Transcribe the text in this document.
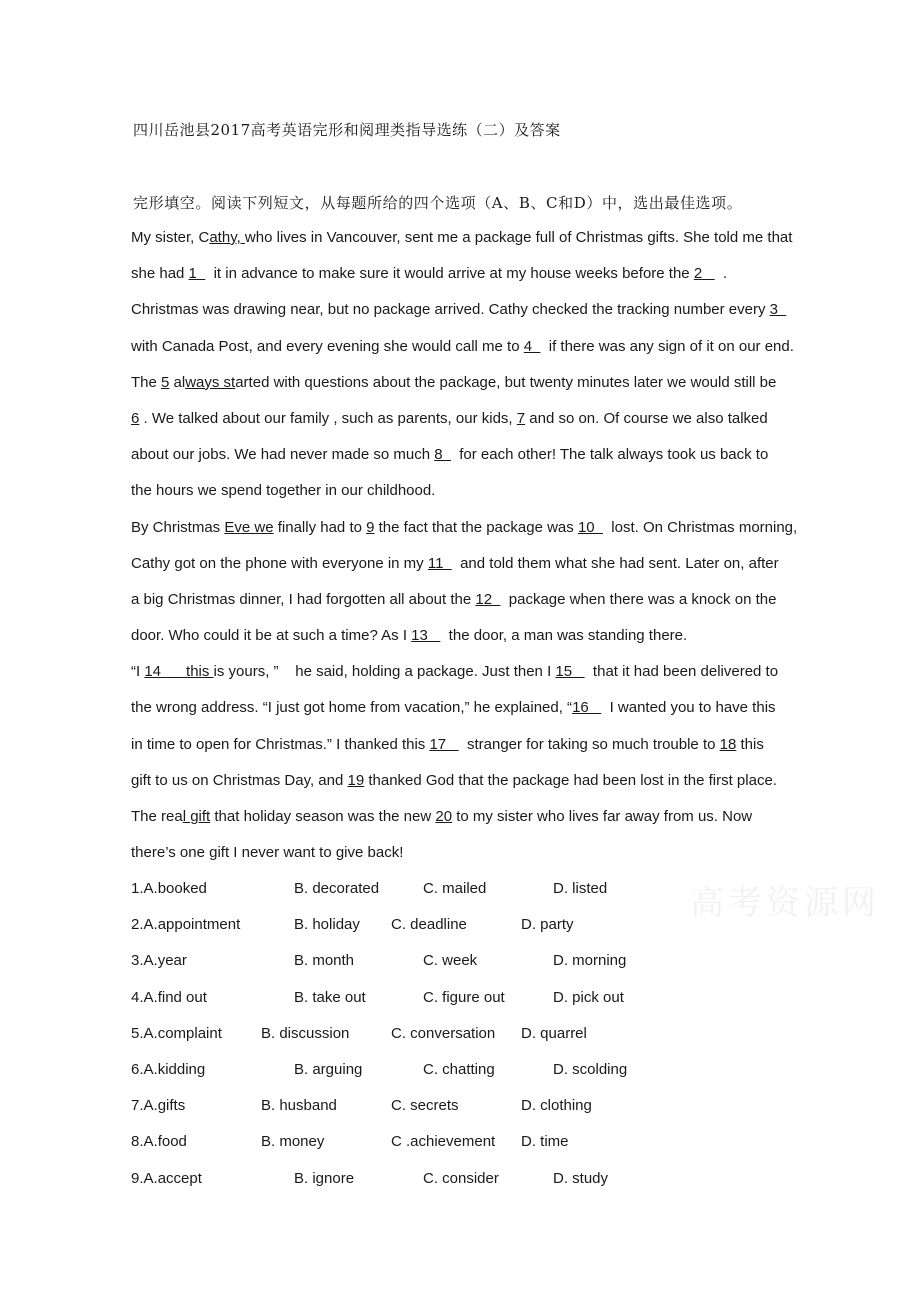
四川岳池县2017高考英语完形和阅理类指导选练（二）及答案
完形填空。阅读下列短文，从每题所给的四个选项（A、B、C和D）中，选出最佳选项。
My sister, Cathy, who lives in Vancouver, sent me a package full of Christmas gifts. She told me that
she had 1    it in advance to make sure it would arrive at my house weeks before the 2     .
Christmas was drawing near, but no package arrived. Cathy checked the tracking number every 3
with Canada Post, and every evening she would call me to 4    if there was any sign of it on our end.
The 5 always started with questions about the package, but twenty minutes later we would still be
6 . We talked about our family , such as parents, our kids, 7 and so on. Of course we also talked
about our jobs. We had never made so much 8    for each other! The talk always took us back to
the hours we spend together in our childhood.
By Christmas Eve we finally had to 9 the fact that the package was 10    lost. On Christmas morning,
Cathy got on the phone with everyone in my 11    and told them what she had sent. Later on, after
a big Christmas dinner, I had forgotten all about the 12    package when there was a knock on the
door. Who could it be at such a time? As I 13     the door, a man was standing there.
“I 14      this is yours, ”    he said, holding a package. Just then I 15     that it had been delivered to
the wrong address. “I just got home from vacation,” he explained, “16     I wanted you to have this
in time to open for Christmas.” I thanked this 17     stranger for taking so much trouble to 18 this
gift to us on Christmas Day, and 19 thanked God that the package had been lost in the first place.
The real gift that holiday season was the new 20 to my sister who lives far away from us. Now
there’s one gift I never want to give back!
1.A.booked	B. decorated	C. mailed	D. listed
2.A.appointment	B. holiday C. deadline	D. party
3.A.year	B. month	C. week	D. morning
4.A.find out	B. take out	C. figure out	D. pick out
5.A.complaint	B. discussion	C. conversation D. quarrel
6.A.kidding	B. arguing	C. chatting	D. scolding
7.A.gifts	B. husband	C. secrets	D. clothing
8.A.food	B. money	C .achievement D. time
9.A.accept	B. ignore	C. consider	D. study
高考资源网
